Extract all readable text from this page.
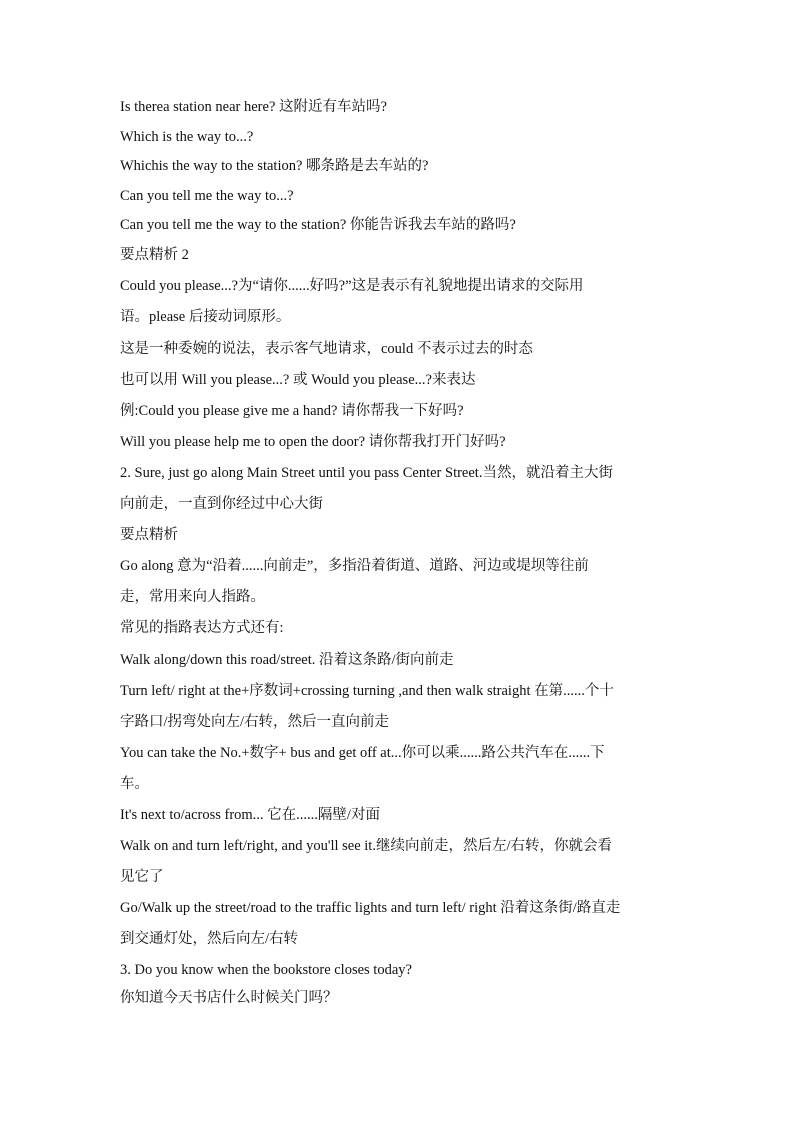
Is therea station near here? 这附近有车站吗?
Which is the way to...?
Whichis the way to the station? 哪条路是去车站的?
Can you tell me the way to...?
Can you tell me the way to the station? 你能告诉我去车站的路吗?
要点精析 2
Could you please...?为“请你......好吗?”这是表示有礼貌地提出请求的交际用
语。please 后接动词原形。
这是一种委婉的说法，表示客气地请求，could 不表示过去的时态
也可以用 Will you please...? 或 Would you please...?来表达
例:Could you please give me a hand? 请你帮我一下好吗?
Will you please help me to open the door? 请你帮我打开门好吗?
2. Sure, just go along Main Street until you pass Center Street.当然，就沿着主大街
向前走，一直到你经过中心大街
要点精析
Go along 意为“沿着......向前走”，多指沿着街道、道路、河边或堤坝等往前
走，常用来向人指路。
常见的指路表达方式还有:
Walk along/down this road/street. 沿着这条路/街向前走
Turn left/ right at the+序数词+crossing turning ,and then walk straight 在第......个十
字路口/拐弯处向左/右转，然后一直向前走
You can take the No.+数字+ bus and get off at...你可以乘......路公共汽车在......下
车。
It's next to/across from... 它在......隔壁/对面
Walk on and turn left/right, and you'll see it.继续向前走，然后左/右转，你就会看
见它了
Go/Walk up the street/road to the traffic lights and turn left/ right 沿着这条街/路直走
到交通灯处，然后向左/右转
3. Do you know when the bookstore closes today?
你知道今天书店什么时候关门吗？
